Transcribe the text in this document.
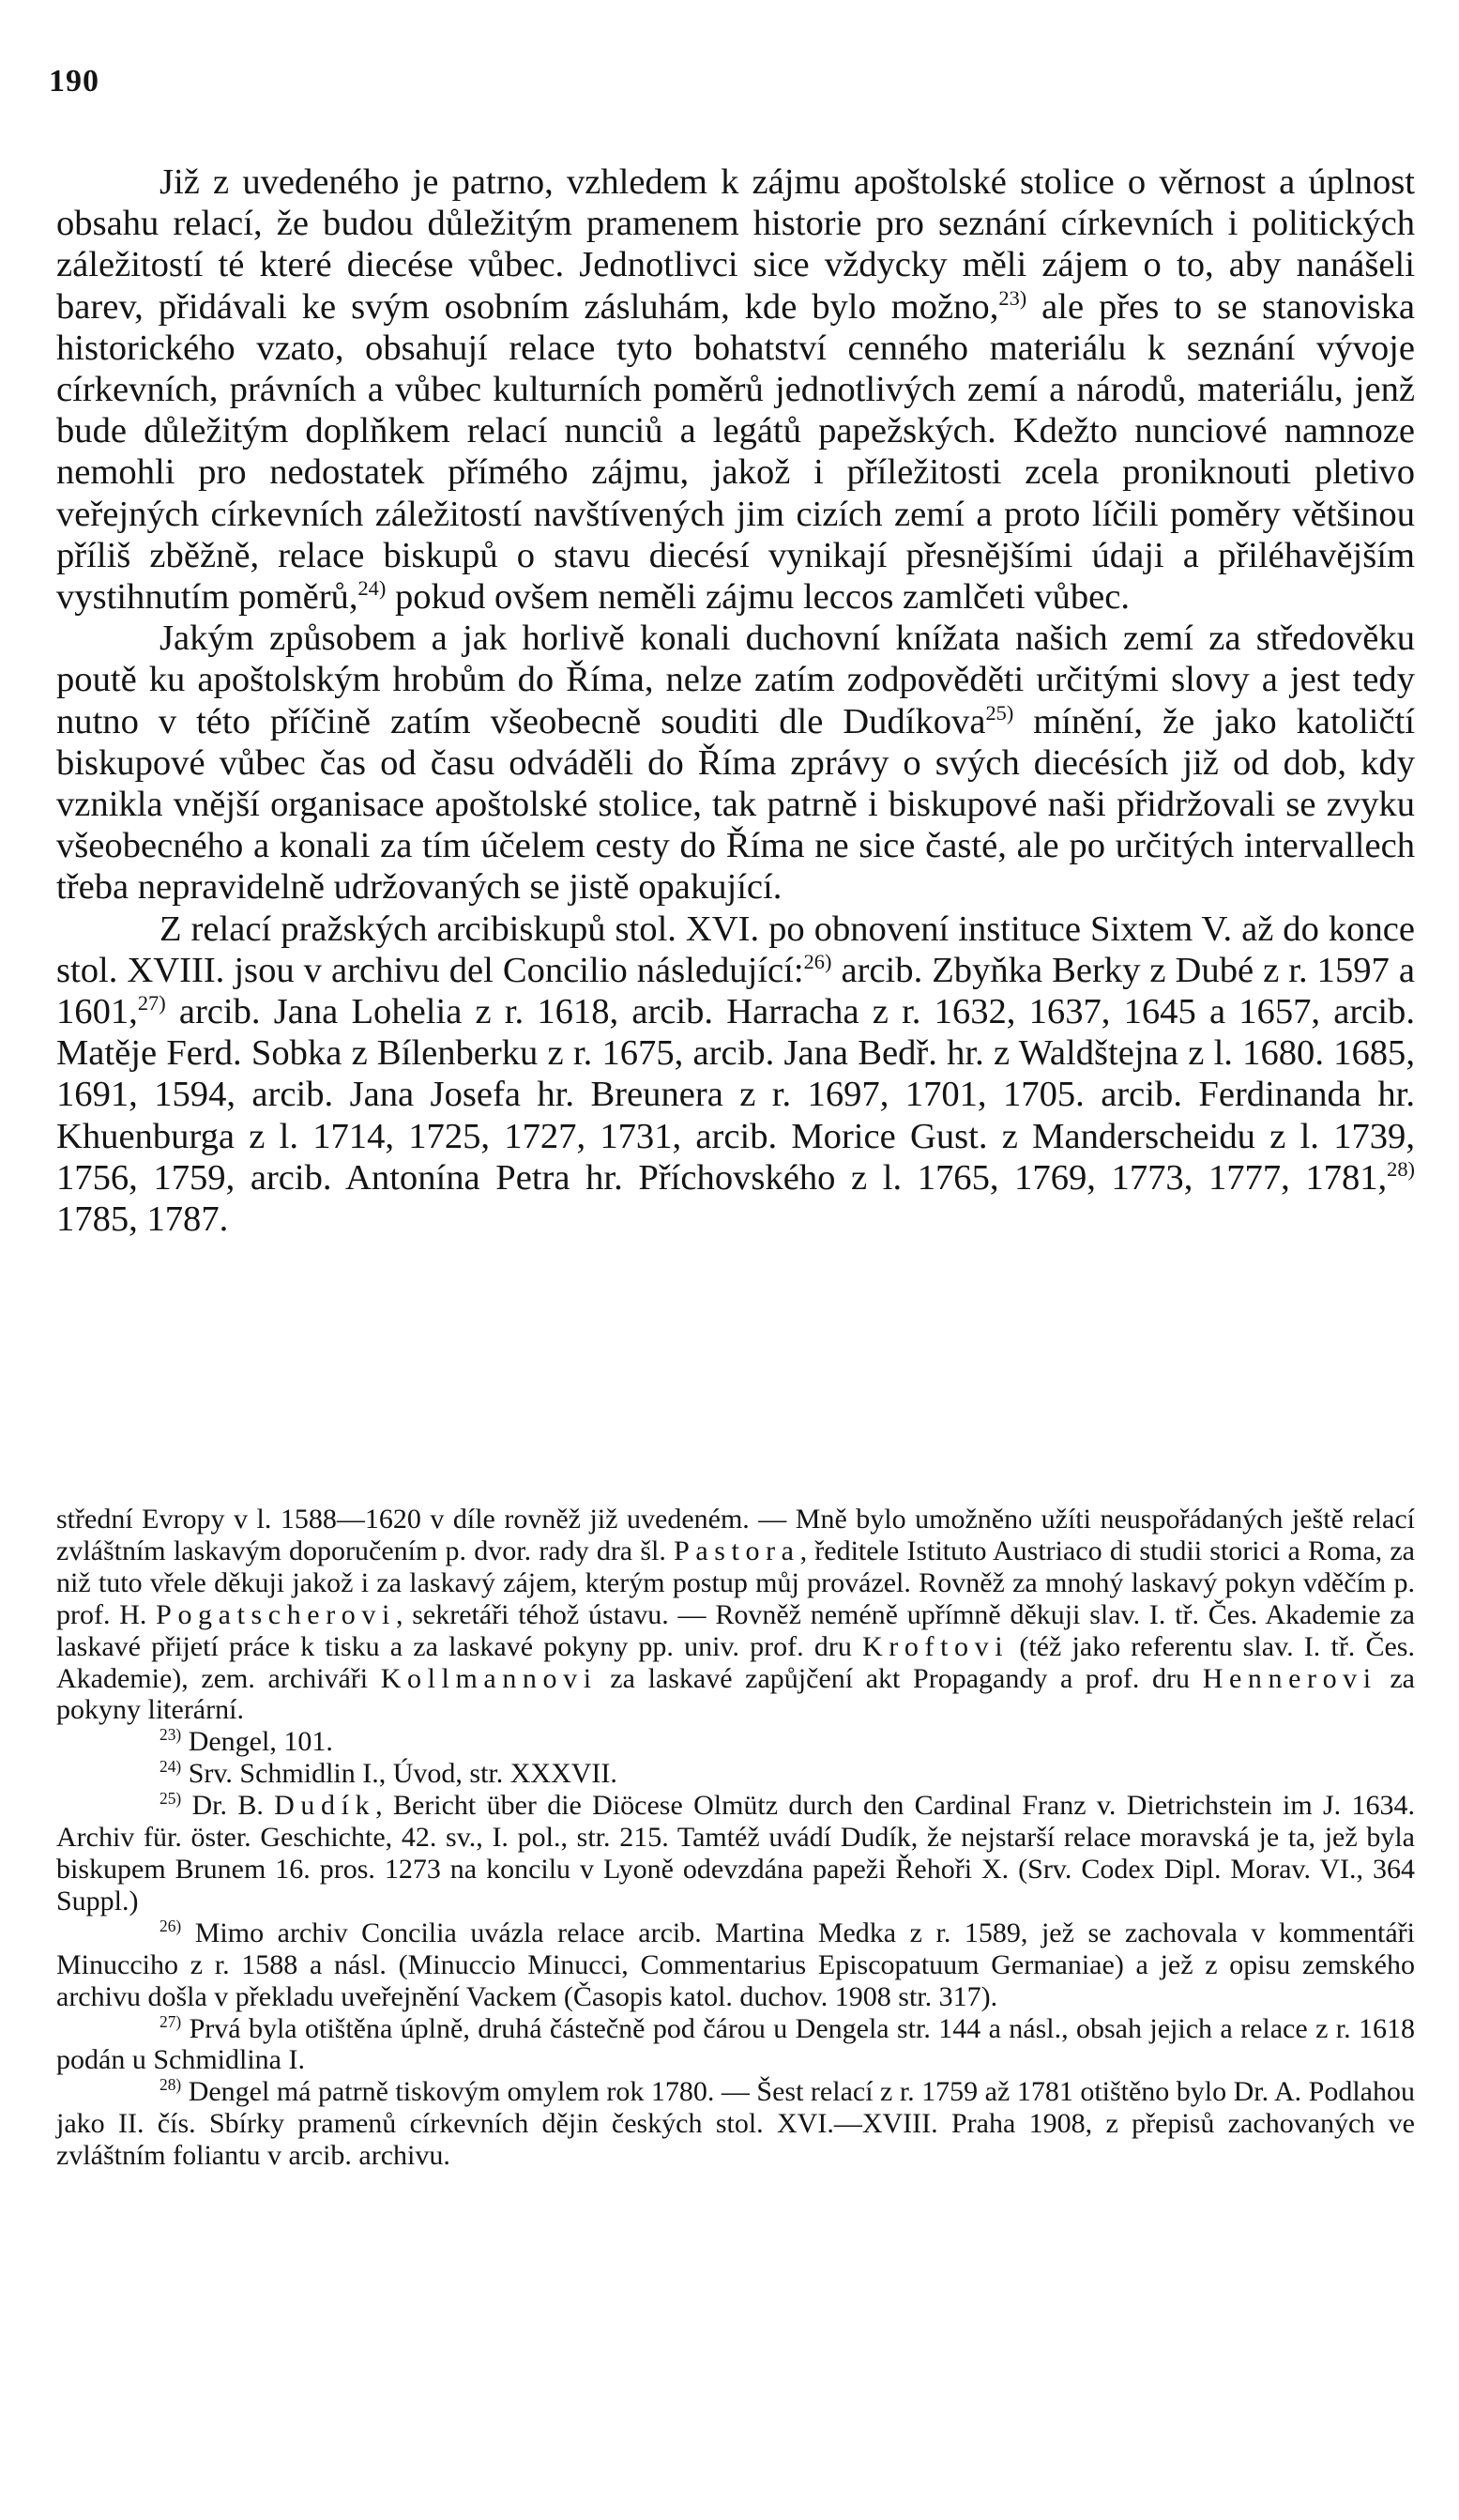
190

Již z uvedeného je patrno, vzhledem k zájmu apoštolské stolice o věrnost a úplnost obsahu relací, že budou důležitým pramenem historie pro seznání církevních i politických záležitostí té které diecése vůbec. Jednotlivci sice vždycky měli zájem o to, aby nanášeli barev, přidávali ke svým osobním zásluhám, kde bylo možno,$^{23)}$ ale přes to se stanoviska historického vzato, obsahují relace tyto bohatství cenného materiálu k seznání vývoje církevních, právních a vůbec kulturních poměrů jednotlivých zemí a národů, materiálu, jenž bude důležitým doplňkem relací nunciů a legátů papežských. Kdežto nunciové namnoze nemohli pro nedostatek přímého zájmu, jakož i příležitosti zcela proniknouti pletivo veřejných církevních záležitostí navštívených jim cizích zemí a proto líčili poměry většinou příliš zběžně, relace biskupů o stavu diecésí vynikají přesnějšími údaji a přiléhavějším vystihnutím poměrů,$^{24)}$ pokud ovšem neměli zájmu leccos zamlčeti vůbec.

Jakým způsobem a jak horlivě konali duchovní knížata našich zemí za středověku poutě ku apoštolským hrobům do Říma, nelze zatím zodpověděti určitými slovy a jest tedy nutno v této příčině zatím všeobecně souditi dle Dudíkova$^{25)}$ mínění, že jako katoličtí biskupové vůbec čas od času odváděli do Říma zprávy o svých diecésích již od dob, kdy vznikla vnější organisace apoštolské stolice, tak patrně i biskupové naši přidržovali se zvyku všeobecného a konali za tím účelem cesty do Říma ne sice časté, ale po určitých intervallech třeba nepravidelně udržovaných se jistě opakující.

Z relací pražských arcibiskupů stol. XVI. po obnovení instituce Sixtem V. až do konce stol. XVIII. jsou v archivu del Concilio následující:$^{26)}$ arcib. Zbyňka Berky z Dubé z r. 1597 a 1601,$^{27)}$ arcib. Jana Lohelia z r. 1618, arcib. Harracha z r. 1632, 1637, 1645 a 1657, arcib. Matěje Ferd. Sobka z Bílenberku z r. 1675, arcib. Jana Bedř. hr. z Waldštejna z l. 1680. 1685, 1691, 1594, arcib. Jana Josefa hr. Breunera z r. 1697, 1701, 1705. arcib. Ferdinanda hr. Khuenburga z l. 1714, 1725, 1727, 1731, arcib. Morice Gust. z Manderscheidu z l. 1739, 1756, 1759, arcib. Antonína Petra hr. Příchovského z l. 1765, 1769, 1773, 1777, 1781,$^{28)}$ 1785, 1787.

střední Evropy v l. 1588—1620 v díle rovněž již uvedeném. — Mně bylo umožněno užíti neuspořádaných ještě relací zvláštním laskavým doporučením p. dvor. rady dra šl. Pastora, ředitele Istituto Austriaco di studii storici a Roma, za niž tuto vřele děkuji jakož i za laskavý zájem, kterým postup můj provázel. Rovněž za mnohý laskavý pokyn vděčím p. prof. H. Pogatscherovi, sekretáři téhož ústavu. — Rovněž neméně upřímně děkuji slav. I. tř. Čes. Akademie za laskavé přijetí práce k tisku a za laskavé pokyny pp. univ. prof. dru Kroftovi (též jako referentu slav. I. tř. Čes. Akademie), zem. archiváři Kollmannovi za laskavé zapůjčení akt Propagandy a prof. dru Hennerovi za pokyny literární.

$^{23)}$ Dengel, 101.

$^{24)}$ Srv. Schmidlin I., Úvod, str. XXXVII.

$^{25)}$ Dr. B. Dudík, Bericht über die Diöcese Olmütz durch den Cardinal Franz v. Dietrichstein im J. 1634. Archiv für. öster. Geschichte, 42. sv., I. pol., str. 215. Tamtéž uvádí Dudík, že nejstarší relace moravská je ta, jež byla biskupem Brunem 16. pros. 1273 na koncilu v Lyoně odevzdána papeži Řehoři X. (Srv. Codex Dipl. Morav. VI., 364 Suppl.)

$^{26)}$ Mimo archiv Concilia uvázla relace arcib. Martina Medka z r. 1589, jež se zachovala v kommentáři Minucciho z r. 1588 a násl. (Minuccio Minucci, Commentarius Episcopatuum Germaniae) a jež z opisu zemského archivu došla v překladu uveřejnění Vackem (Časopis katol. duchov. 1908 str. 317).

$^{27)}$ Prvá byla otištěna úplně, druhá částečně pod čárou u Dengela str. 144 a násl., obsah jejich a relace z r. 1618 podán u Schmidlina I.

$^{28)}$ Dengel má patrně tiskovým omylem rok 1780. — Šest relací z r. 1759 až 1781 otištěno bylo Dr. A. Podlahou jako II. čís. Sbírky pramenů církevních dějin českých stol. XVI.—XVIII. Praha 1908, z přepisů zachovaných ve zvláštním foliantu v arcib. archivu.
